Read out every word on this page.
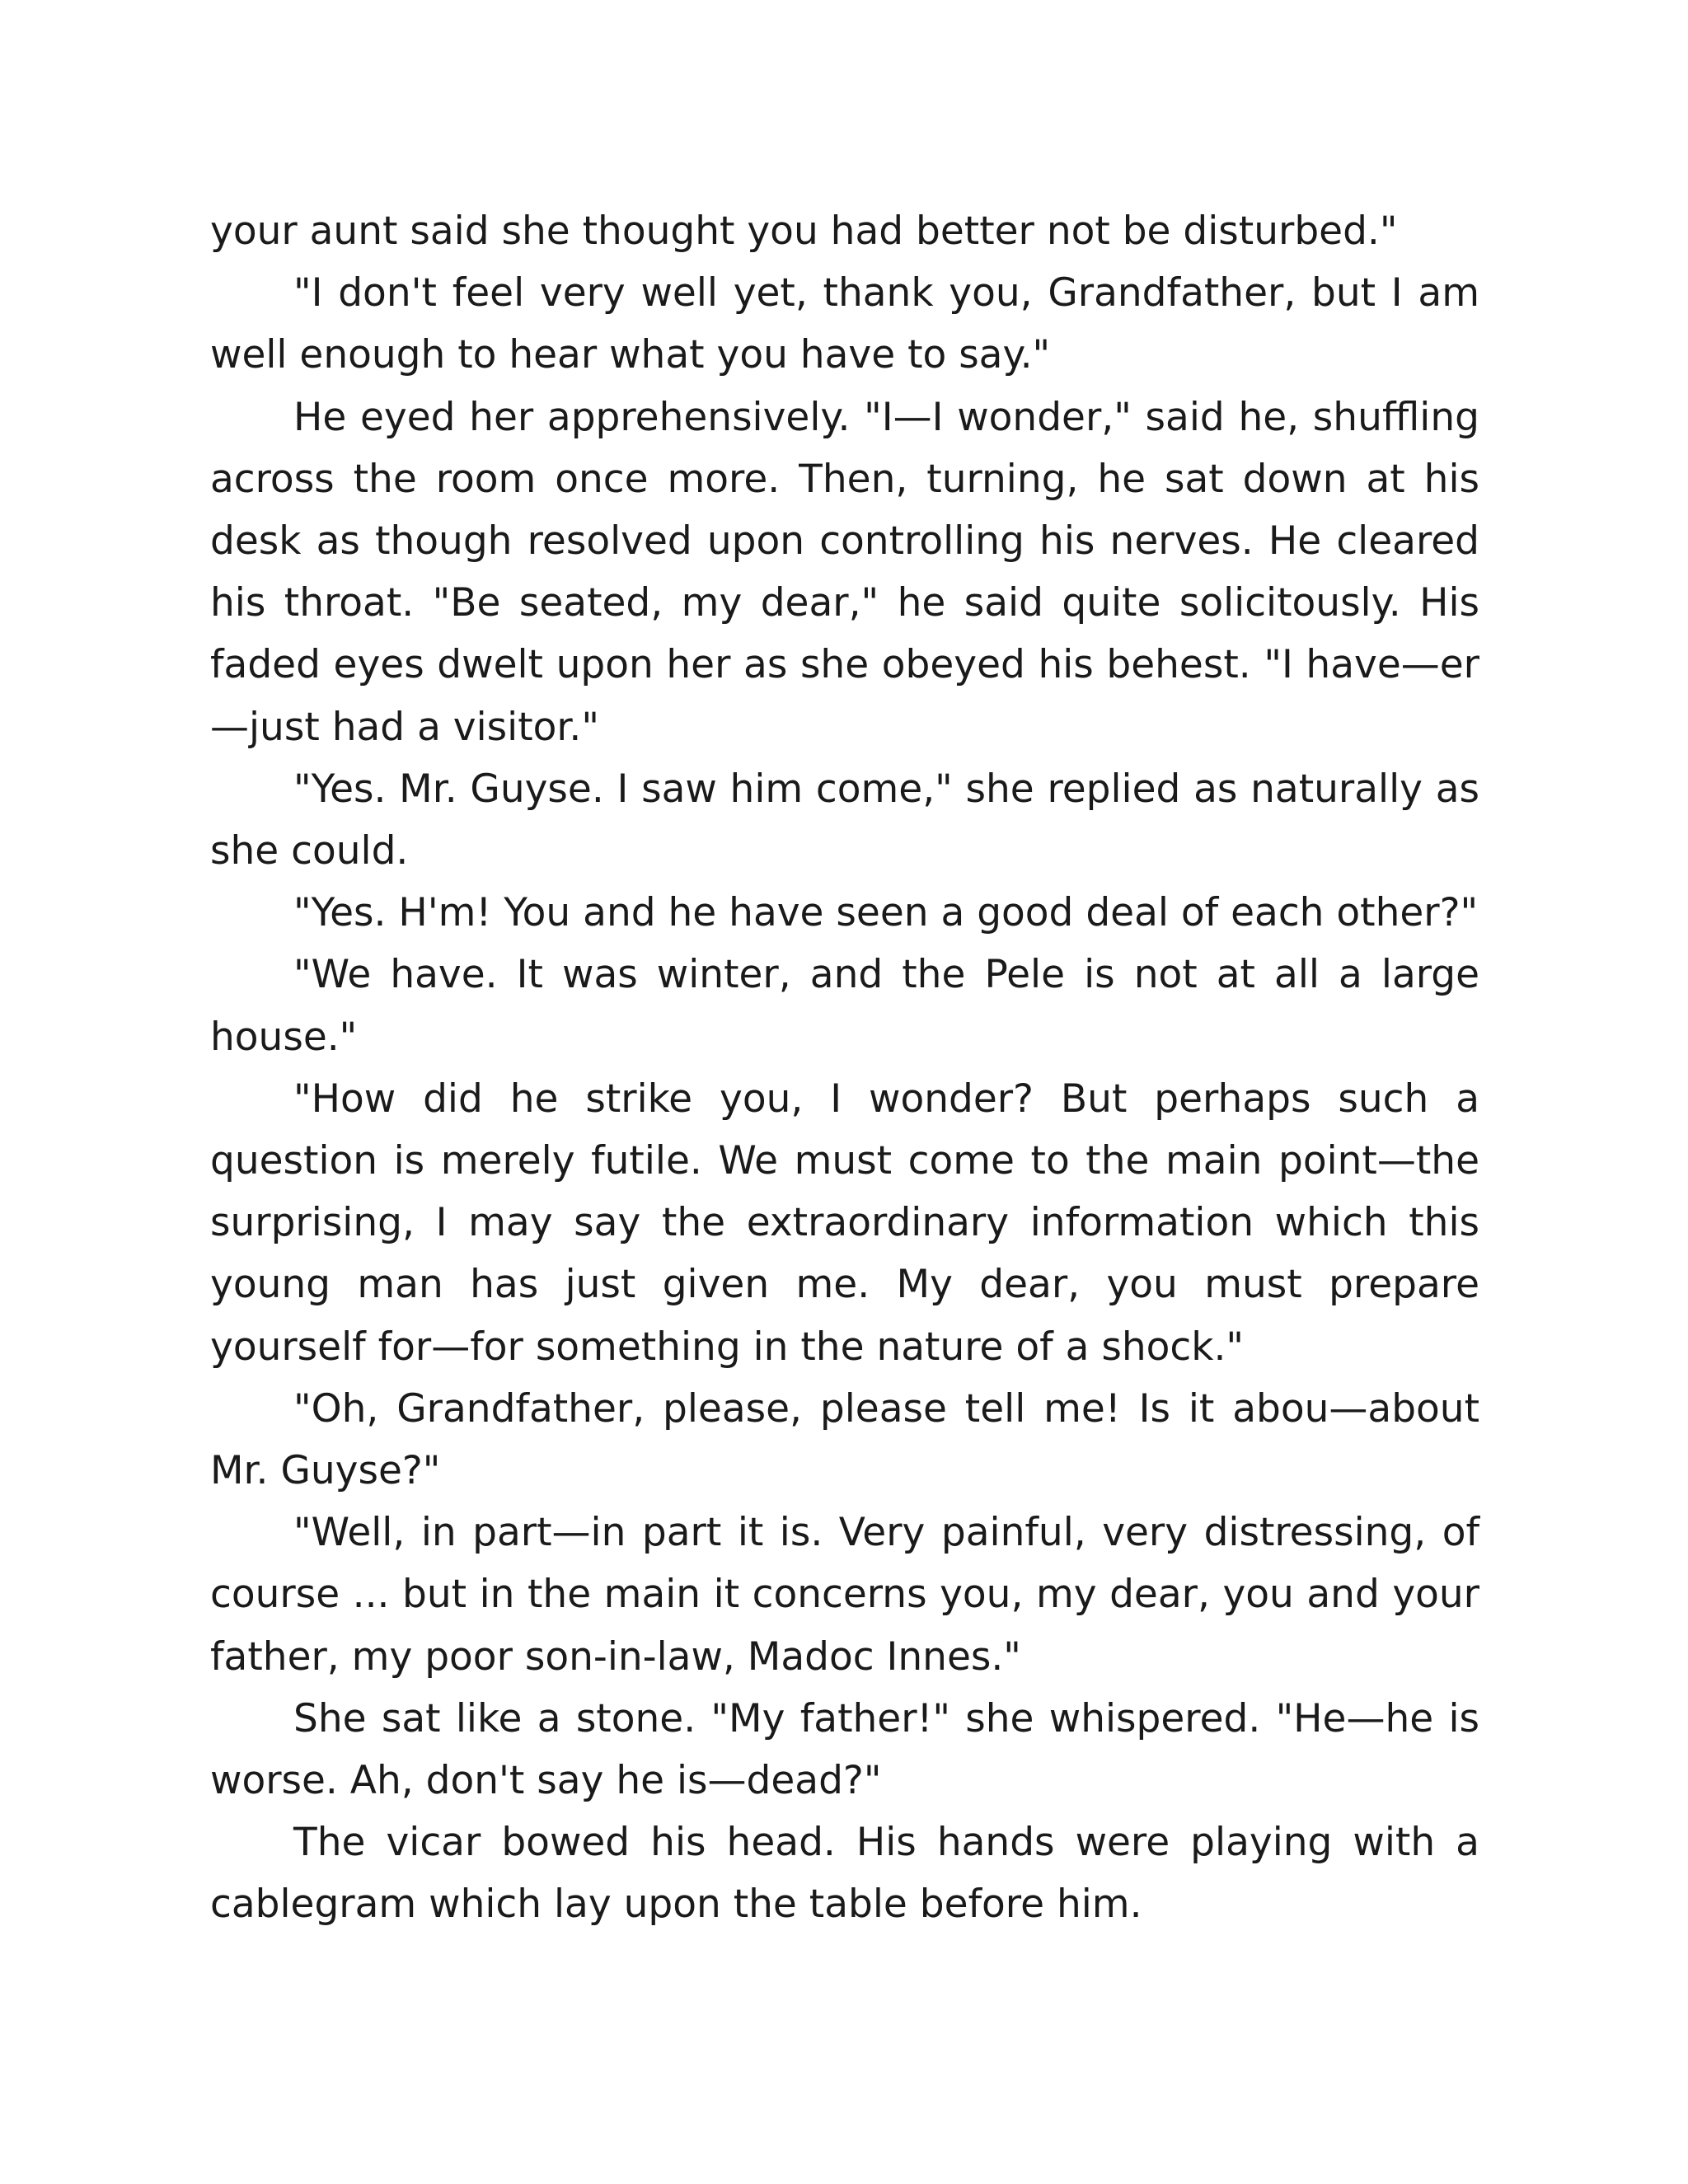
your aunt said she thought you had better not be disturbed."

"I don't feel very well yet, thank you, Grandfather, but I am well enough to hear what you have to say."

He eyed her apprehensively. "I—I wonder," said he, shuffling across the room once more. Then, turning, he sat down at his desk as though resolved upon controlling his nerves. He cleared his throat. "Be seated, my dear," he said quite solicitously. His faded eyes dwelt upon her as she obeyed his behest. "I have—er—just had a visitor."

"Yes. Mr. Guyse. I saw him come," she replied as naturally as she could.

"Yes. H'm! You and he have seen a good deal of each other?"

"We have. It was winter, and the Pele is not at all a large house."

"How did he strike you, I wonder? But perhaps such a question is merely futile. We must come to the main point—the surprising, I may say the extraordinary information which this young man has just given me. My dear, you must prepare yourself for—for something in the nature of a shock."

"Oh, Grandfather, please, please tell me! Is it abou—about Mr. Guyse?"

"Well, in part—in part it is. Very painful, very distressing, of course ... but in the main it concerns you, my dear, you and your father, my poor son-in-law, Madoc Innes."

She sat like a stone. "My father!" she whispered. "He—he is worse. Ah, don't say he is—dead?"

The vicar bowed his head. His hands were playing with a cablegram which lay upon the table before him.
